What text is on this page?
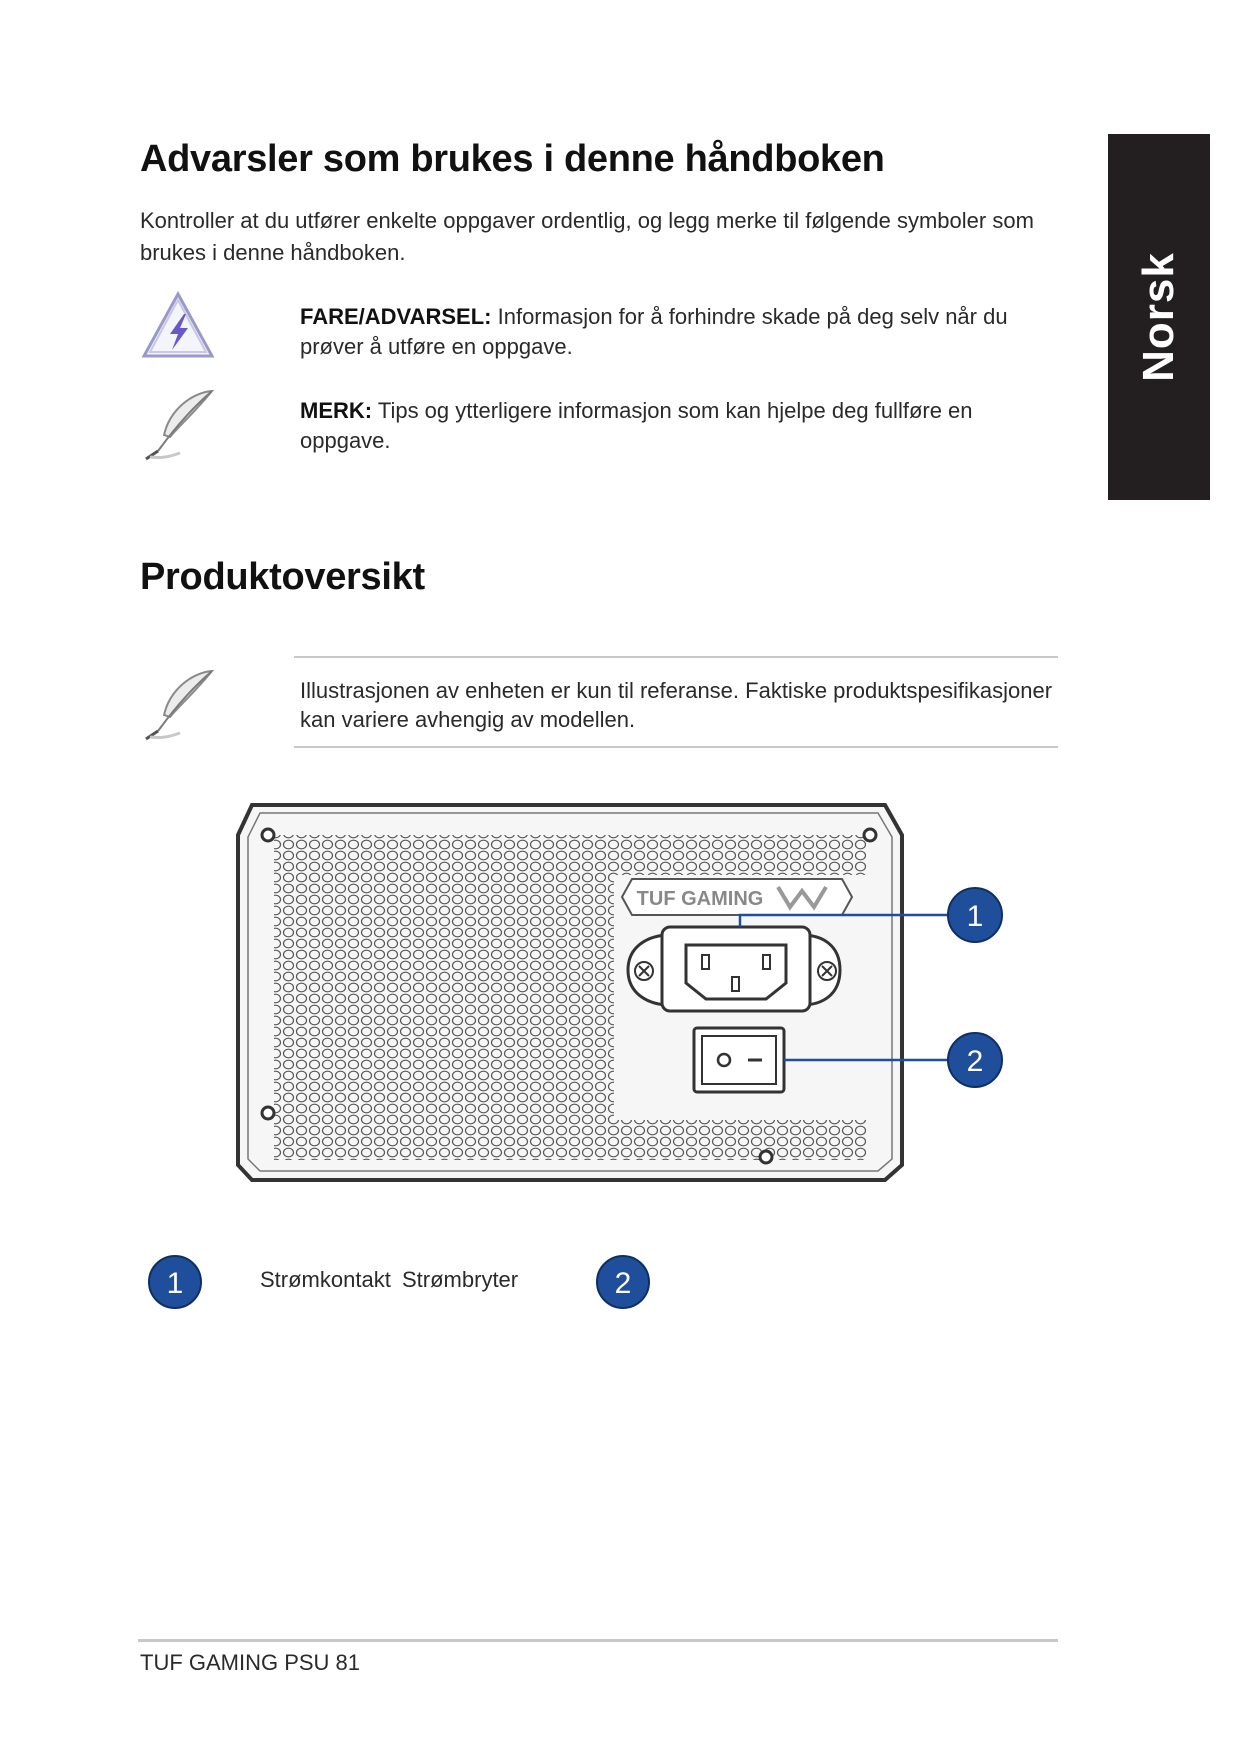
Norsk
Advarsler som brukes i denne håndboken
Kontroller at du utfører enkelte oppgaver ordentlig, og legg merke til følgende symboler som brukes i denne håndboken.
FARE/ADVARSEL: Informasjon for å forhindre skade på deg selv når du prøver å utføre en oppgave.
MERK: Tips og ytterligere informasjon som kan hjelpe deg fullføre en oppgave.
Produktoversikt
Illustrasjonen av enheten er kun til referanse. Faktiske produktspesifikasjoner kan variere avhengig av modellen.
TUF GAMING
1
2
1	Strømkontakt Strømbryter	2
TUF GAMING PSU 81
